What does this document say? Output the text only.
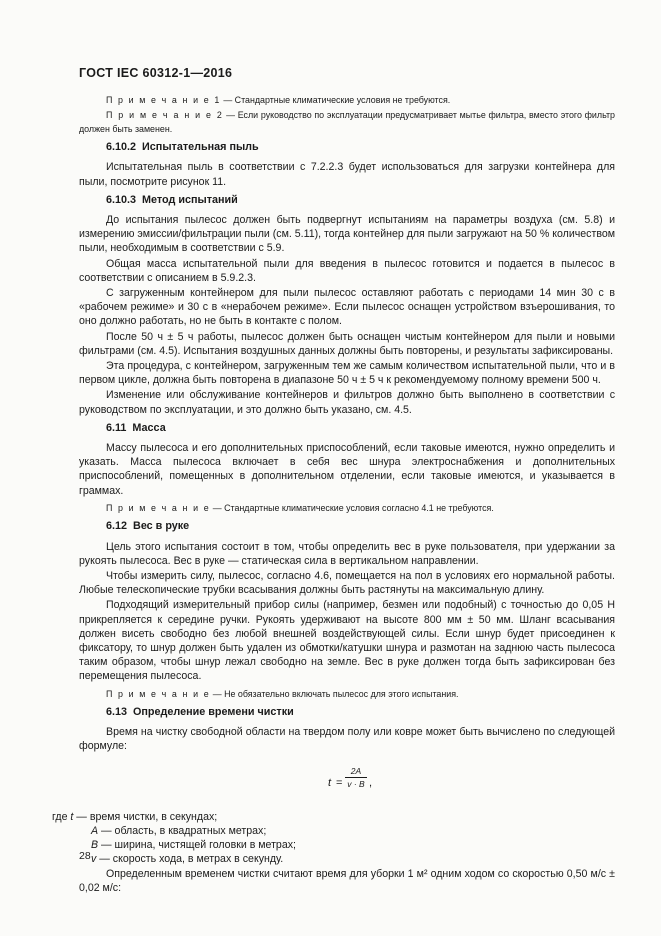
ГОСТ IEC 60312-1—2016

П р и м е ч а н и е 1 — Стандартные климатические условия не требуются.

П р и м е ч а н и е 2 — Если руководство по эксплуатации предусматривает мытье фильтра, вместо этого фильтр должен быть заменен.

6.10.2 Испытательная пыль

Испытательная пыль в соответствии с 7.2.2.3 будет использоваться для загрузки контейнера для пыли, посмотрите рисунок 11.

6.10.3 Метод испытаний

До испытания пылесос должен быть подвергнут испытаниям на параметры воздуха (см. 5.8) и измерению эмиссии/фильтрации пыли (см. 5.11), тогда контейнер для пыли загружают на 50 % количеством пыли, необходимым в соответствии с 5.9.

Общая масса испытательной пыли для введения в пылесос готовится и подается в пылесос в соответствии с описанием в 5.9.2.3.

С загруженным контейнером для пыли пылесос оставляют работать с периодами 14 мин 30 с в «рабочем режиме» и 30 с в «нерабочем режиме». Если пылесос оснащен устройством взъерошивания, то оно должно работать, но не быть в контакте с полом.

После 50 ч ± 5 ч работы, пылесос должен быть оснащен чистым контейнером для пыли и новыми фильтрами (см. 4.5). Испытания воздушных данных должны быть повторены, и результаты зафиксированы.

Эта процедура, с контейнером, загруженным тем же самым количеством испытательной пыли, что и в первом цикле, должна быть повторена в диапазоне 50 ч ± 5 ч к рекомендуемому полному времени 500 ч.

Изменение или обслуживание контейнеров и фильтров должно быть выполнено в соответствии с руководством по эксплуатации, и это должно быть указано, см. 4.5.

6.11 Масса

Массу пылесоса и его дополнительных приспособлений, если таковые имеются, нужно определить и указать. Масса пылесоса включает в себя вес шнура электроснабжения и дополнительных приспособлений, помещенных в дополнительном отделении, если таковые имеются, и указывается в граммах.

П р и м е ч а н и е — Стандартные климатические условия согласно 4.1 не требуются.

6.12 Вес в руке

Цель этого испытания состоит в том, чтобы определить вес в руке пользователя, при удержании за рукоять пылесоса. Вес в руке — статическая сила в вертикальном направлении.

Чтобы измерить силу, пылесос, согласно 4.6, помещается на пол в условиях его нормальной работы. Любые телескопические трубки всасывания должны быть растянуты на максимальную длину.

Подходящий измерительный прибор силы (например, безмен или подобный) с точностью до 0,05 Н прикрепляется к середине ручки. Рукоять удерживают на высоте 800 мм ± 50 мм. Шланг всасывания должен висеть свободно без любой внешней воздействующей силы. Если шнур будет присоединен к фиксатору, то шнур должен быть удален из обмотки/катушки шнура и размотан на заднюю часть пылесоса таким образом, чтобы шнур лежал свободно на земле. Вес в руке должен тогда быть зафиксирован без перемещения пылесоса.

П р и м е ч а н и е — Не обязательно включать пылесос для этого испытания.

6.13 Определение времени чистки

Время на чистку свободной области на твердом полу или ковре может быть вычислено по следующей формуле:

$t = \frac{2A}{v \cdot B}$ ,

где t — время чистки, в секундах;

A — область, в квадратных метрах;

B — ширина, чистящей головки в метрах;

v — скорость хода, в метрах в секунду.

Определенным временем чистки считают время для уборки 1 м² одним ходом со скоростью 0,50 м/с ± 0,02 м/с:

28
